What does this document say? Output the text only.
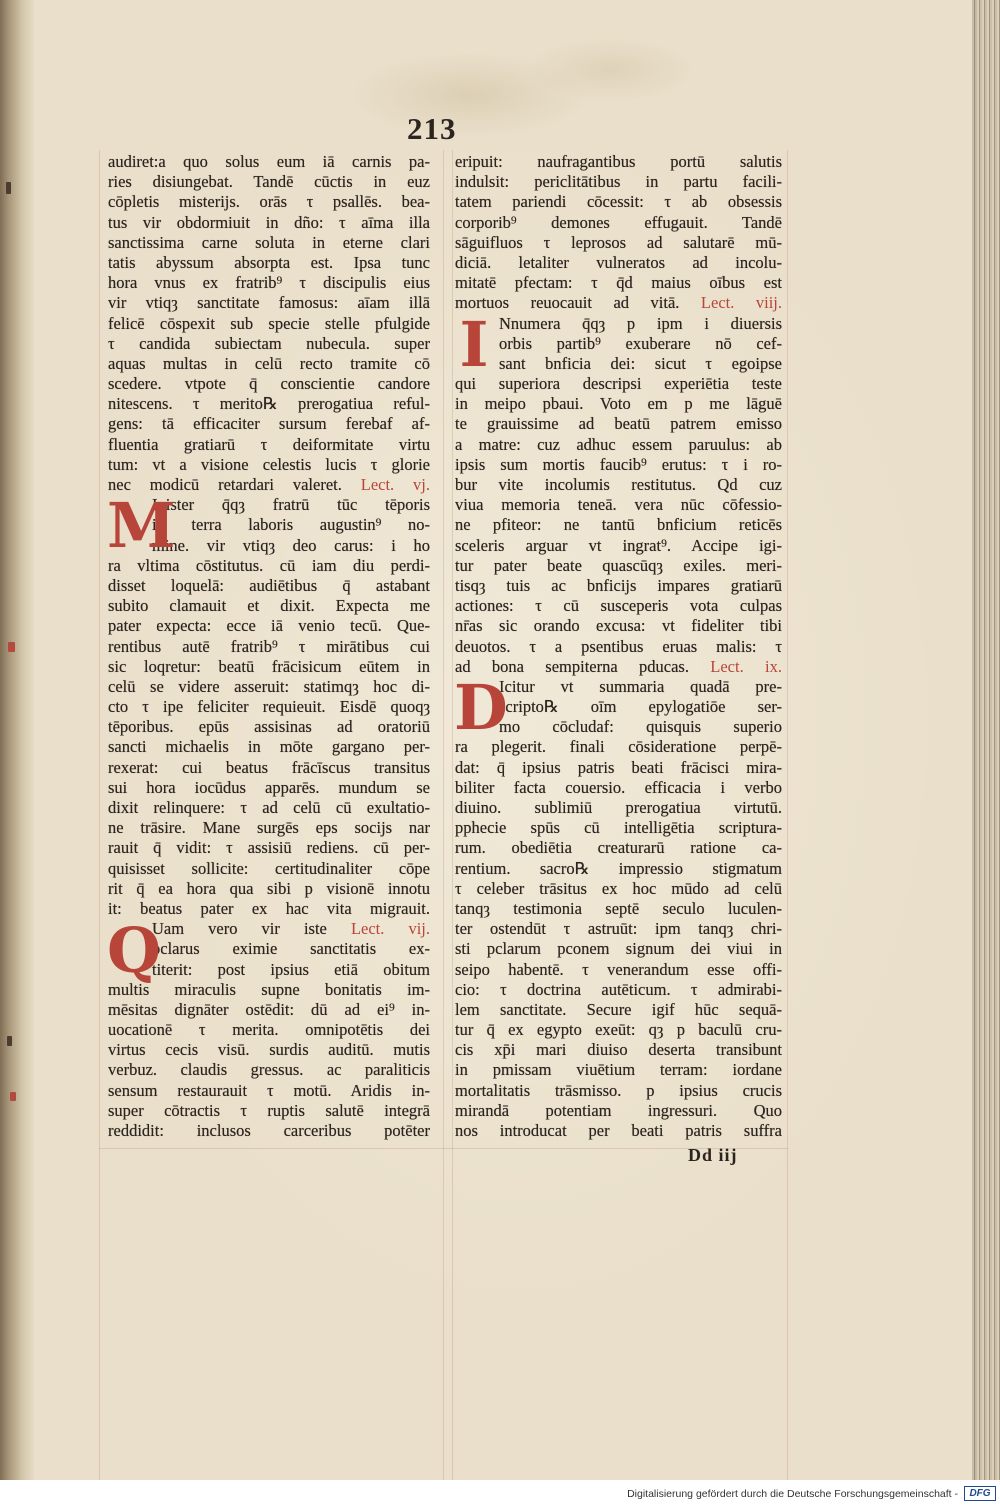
213
audiret:a quo solus eum iā carnis pa-
ries disiungebat. Tandē cūctis in euz
cōpletis misterijs. orās τ psallēs. bea-
tus vir obdormiuit in dño: τ aīma illa
sanctissima carne soluta in eterne clari
tatis abyssum absorpta est. Ipsa tunc
hora vnus ex fratrib⁹ τ discipulis eius
vir vtiqȝ sanctitate famosus: aīam illā
felicē cōspexit sub specie stelle pfulgide
τ candida subiectam nubecula. super
aquas multas in celū recto tramite cō
scedere. vtpote q̄ conscientie candore
nitescens. τ merito℞ prerogatiua reful-
gens: tā efficaciter sursum ferebaf af-
fluentia gratiarū τ deiformitate virtu
tum: vt a visione celestis lucis τ glorie
nec modicū retardari valeret. Lect. vj.
M
Inister q̄qȝ fratrū tūc tēporis
in terra laboris augustin⁹ no-
mine. vir vtiqȝ deo carus: i ho
ra vltima cōstitutus. cū iam diu perdi-
disset loquelā: audiētibus q̄ astabant
subito clamauit et dixit. Expecta me
pater expecta: ecce iā venio tecū. Que-
rentibus autē fratrib⁹ τ mirātibus cui
sic loqretur: beatū frācisicum eūtem in
celū se videre asseruit: statimqȝ hoc di-
cto τ ipe feliciter requieuit. Eisdē quoqȝ
tēporibus. epūs assisinas ad oratoriū
sancti michaelis in mōte gargano per-
rexerat: cui beatus frācīscus transitus
sui hora iocūdus apparēs. mundum se
dixit relinquere: τ ad celū cū exultatio-
ne trāsire. Mane surgēs eps socijs nar
rauit q̄ vidit: τ assisiū rediens. cū per-
quisisset sollicite: certitudinaliter cōpe
rit q̄ ea hora qua sibi p visionē innotu
it: beatus pater ex hac vita migrauit.
Q
Uam vero vir iste Lect. vij.
pclarus eximie sanctitatis ex-
titerit: post ipsius etiā obitum
multis miraculis supne bonitatis im-
mēsitas dignāter ostēdit: dū ad ei⁹ in-
uocationē τ merita. omnipotētis dei
virtus cecis visū. surdis auditū. mutis
verbuz. claudis gressus. ac paraliticis
sensum restaurauit τ motū. Aridis in-
super cōtractis τ ruptis salutē integrā
reddidit: inclusos carceribus potēter
eripuit: naufragantibus portū salutis
indulsit: periclitātibus in partu facili-
tatem pariendi cōcessit: τ ab obsessis
corporib⁹ demones effugauit. Tandē
sāguifluos τ leprosos ad salutarē mū-
diciā. letaliter vulneratos ad incolu-
mitatē pfectam: τ q̄d maius oībus est
mortuos reuocauit ad vitā. Lect. viij.
I Nnumera q̄qȝ p ipm i diuersis
orbis partib⁹ exuberare nō cef-
sant bnficia dei: sicut τ egoipse
qui superiora descripsi experiētia teste
in meipo pbaui. Voto em p me lāguē
te grauissime ad beatū patrem emisso
a matre: cuz adhuc essem paruulus: ab
ipsis sum mortis faucib⁹ erutus: τ i ro-
bur vite incolumis restitutus. Qd cuz
viua memoria teneā. vera nūc cōfessio-
ne pfiteor: ne tantū bnficium reticēs
sceleris arguar vt ingrat⁹. Accipe igi-
tur pater beate quascūqȝ exiles. meri-
tisqȝ tuis ac bnficijs impares gratiarū
actiones: τ cū susceperis vota culpas
nr̄as sic orando excusa: vt fideliter tibi
deuotos. τ a psentibus eruas malis: τ
ad bona sempiterna pducas. Lect. ix.
D
Icitur vt summaria quadā pre-
scripto℞ oīm epylogatiōe ser-
mo cōcludaf: quisquis superio
ra plegerit. finali cōsideratione perpē-
dat: q̄ ipsius patris beati frācisci mira-
biliter facta couersio. efficacia i verbo
diuino. sublimiū prerogatiua virtutū.
pphecie spūs cū intelligētia scriptura-
rum. obediētia creaturarū ratione ca-
rentium. sacro℞ impressio stigmatum
τ celeber trāsitus ex hoc mūdo ad celū
tanqȝ testimonia septē seculo luculen-
ter ostendūt τ astruūt: ipm tanqȝ chri-
sti pclarum pconem signum dei viui in
seipo habentē. τ venerandum esse offi-
cio: τ doctrina autēticum. τ admirabi-
lem sanctitate. Secure igif hūc sequā-
tur q̄ ex egypto exeūt: qȝ p baculū cru-
cis xp̄i mari diuiso deserta transibunt
in pmissam viuētium terram: iordane
mortalitatis trāsmisso. p ipsius crucis
mirandā potentiam ingressuri. Quo
nos introducat per beati patris suffra
Dd iij
Digitalisierung gefördert durch die Deutsche Forschungsgemeinschaft -	DFG
